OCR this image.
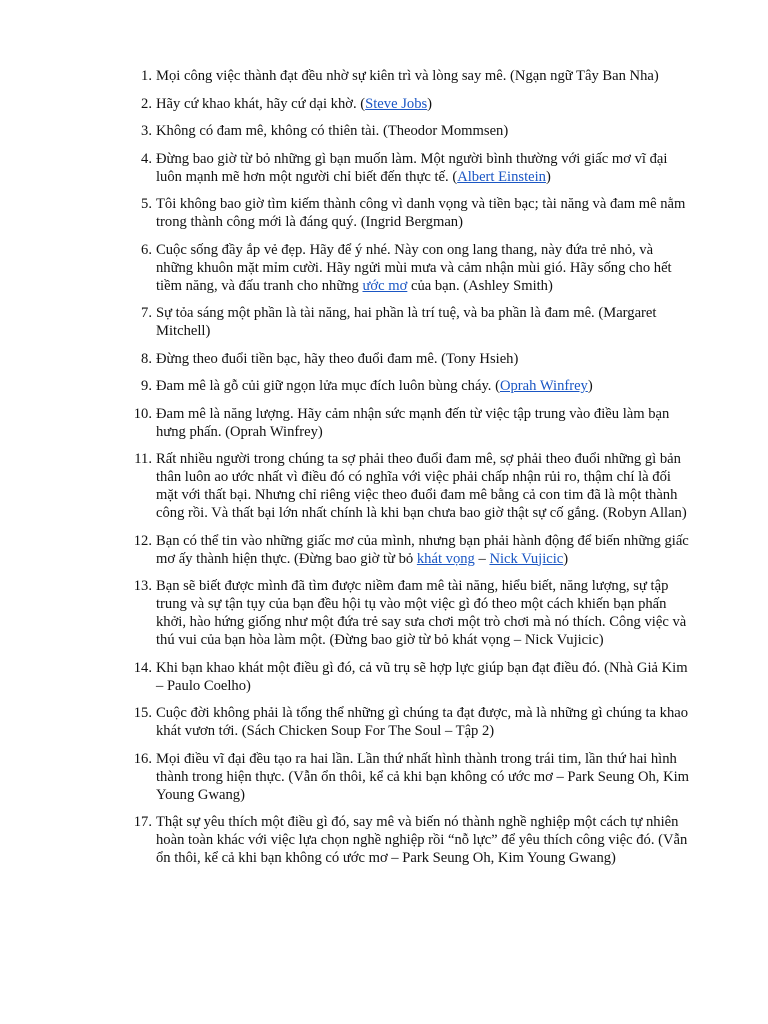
1. Mọi công việc thành đạt đều nhờ sự kiên trì và lòng say mê. (Ngạn ngữ Tây Ban Nha)
2. Hãy cứ khao khát, hãy cứ dại khờ. (Steve Jobs)
3. Không có đam mê, không có thiên tài. (Theodor Mommsen)
4. Đừng bao giờ từ bỏ những gì bạn muốn làm. Một người bình thường với giấc mơ vĩ đại luôn mạnh mẽ hơn một người chỉ biết đến thực tế. (Albert Einstein)
5. Tôi không bao giờ tìm kiếm thành công vì danh vọng và tiền bạc; tài năng và đam mê nằm trong thành công mới là đáng quý. (Ingrid Bergman)
6. Cuộc sống đầy ắp vẻ đẹp. Hãy để ý nhé. Này con ong lang thang, này đứa trẻ nhỏ, và những khuôn mặt mỉm cười. Hãy ngửi mùi mưa và cảm nhận mùi gió. Hãy sống cho hết tiềm năng, và đấu tranh cho những ước mơ của bạn. (Ashley Smith)
7. Sự tỏa sáng một phần là tài năng, hai phần là trí tuệ, và ba phần là đam mê. (Margaret Mitchell)
8. Đừng theo đuổi tiền bạc, hãy theo đuổi đam mê. (Tony Hsieh)
9. Đam mê là gỗ củi giữ ngọn lửa mục đích luôn bùng cháy. (Oprah Winfrey)
10. Đam mê là năng lượng. Hãy cảm nhận sức mạnh đến từ việc tập trung vào điều làm bạn hưng phấn. (Oprah Winfrey)
11. Rất nhiều người trong chúng ta sợ phải theo đuổi đam mê, sợ phải theo đuổi những gì bản thân luôn ao ước nhất vì điều đó có nghĩa với việc phải chấp nhận rủi ro, thậm chí là đối mặt với thất bại. Nhưng chỉ riêng việc theo đuổi đam mê bằng cả con tim đã là một thành công rồi. Và thất bại lớn nhất chính là khi bạn chưa bao giờ thật sự cố gắng. (Robyn Allan)
12. Bạn có thể tin vào những giấc mơ của mình, nhưng bạn phải hành động để biến những giấc mơ ấy thành hiện thực. (Đừng bao giờ từ bỏ khát vọng – Nick Vujicic)
13. Bạn sẽ biết được mình đã tìm được niềm đam mê tài năng, hiểu biết, năng lượng, sự tập trung và sự tận tụy của bạn đều hội tụ vào một việc gì đó theo một cách khiến bạn phấn khởi, hào hứng giống như một đứa trẻ say sưa chơi một trò chơi mà nó thích. Công việc và thú vui của bạn hòa làm một. (Đừng bao giờ từ bỏ khát vọng – Nick Vujicic)
14. Khi bạn khao khát một điều gì đó, cả vũ trụ sẽ hợp lực giúp bạn đạt điều đó. (Nhà Giả Kim – Paulo Coelho)
15. Cuộc đời không phải là tổng thể những gì chúng ta đạt được, mà là những gì chúng ta khao khát vươn tới. (Sách Chicken Soup For The Soul – Tập 2)
16. Mọi điều vĩ đại đều tạo ra hai lần. Lần thứ nhất hình thành trong trái tim, lần thứ hai hình thành trong hiện thực. (Vẫn ổn thôi, kể cả khi bạn không có ước mơ – Park Seung Oh, Kim Young Gwang)
17. Thật sự yêu thích một điều gì đó, say mê và biến nó thành nghề nghiệp một cách tự nhiên hoàn toàn khác với việc lựa chọn nghề nghiệp rồi “nỗ lực” để yêu thích công việc đó. (Vẫn ổn thôi, kể cả khi bạn không có ước mơ – Park Seung Oh, Kim Young Gwang)
